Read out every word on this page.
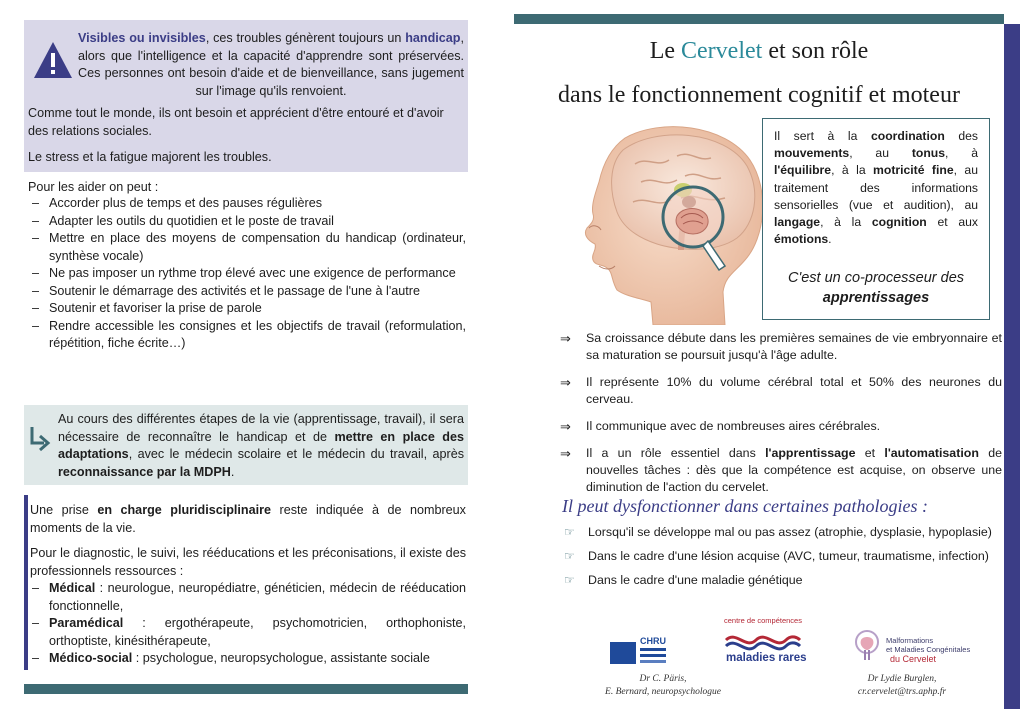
Visibles ou invisibles, ces troubles génèrent toujours un handicap, alors que l'intelligence et la capacité d'apprendre sont préservées. Ces personnes ont besoin d'aide et de bienveillance, sans jugement sur l'image qu'ils renvoient.

Comme tout le monde, ils ont besoin et apprécient d'être entouré et d'avoir des relations sociales.

Le stress et la fatigue majorent les troubles.

Pour les aider on peut :

– Accorder plus de temps et des pauses régulières
– Adapter les outils du quotidien et le poste de travail
– Mettre en place des moyens de compensation du handicap (ordinateur, synthèse vocale)
– Ne pas imposer un rythme trop élevé avec une exigence de performance
– Soutenir le démarrage des activités et le passage de l'une à l'autre
– Soutenir et favoriser la prise de parole
– Rendre accessible les consignes et les objectifs de travail (reformulation, répétition, fiche écrite…)

Au cours des différentes étapes de la vie (apprentissage, travail), il sera nécessaire de reconnaître le handicap et de mettre en place des adaptations, avec le médecin scolaire et le médecin du travail, après reconnaissance par la MDPH.

Une prise en charge pluridisciplinaire reste indiquée à de nombreux moments de la vie.

Pour le diagnostic, le suivi, les rééducations et les préconisations, il existe des professionnels ressources :

– Médical : neurologue, neuropédiatre, généticien, médecin de rééducation fonctionnelle,
– Paramédical : ergothérapeute, psychomotricien, orthophoniste, orthoptiste, kinésithérapeute,
– Médico-social : psychologue, neuropsychologue, assistante sociale
Le Cervelet et son rôle
dans le fonctionnement cognitif et moteur

Il sert à la coordination des mouvements, au tonus, à l'équilibre, à la motricité fine, au traitement des informations sensorielles (vue et audition), au langage, à la cognition et aux émotions.

C'est un co-processeur des apprentissages

⇒ Sa croissance débute dans les premières semaines de vie embryonnaire et sa maturation se poursuit jusqu'à l'âge adulte.
⇒ Il représente 10% du volume cérébral total et 50% des neurones du cerveau.
⇒ Il communique avec de nombreuses aires cérébrales.
⇒ Il a un rôle essentiel dans l'apprentissage et l'automatisation de nouvelles tâches : dès que la compétence est acquise, on observe une diminution de l'action du cervelet.
Il peut dysfonctionner dans certaines pathologies :
☞ Lorsqu'il se développe mal ou pas assez (atrophie, dysplasie, hypoplasie)
☞ Dans le cadre d'une lésion acquise (AVC, tumeur, traumatisme, infection)
☞ Dans le cadre d'une maladie génétique
CHRU
centre de compétences
maladies rares
Malformations
et Maladies Congénitales
du Cervelet
Dr C. Päris,
E. Bernard, neuropsychologue
Dr Lydie Burglen,
cr.cervelet@trs.aphp.fr
